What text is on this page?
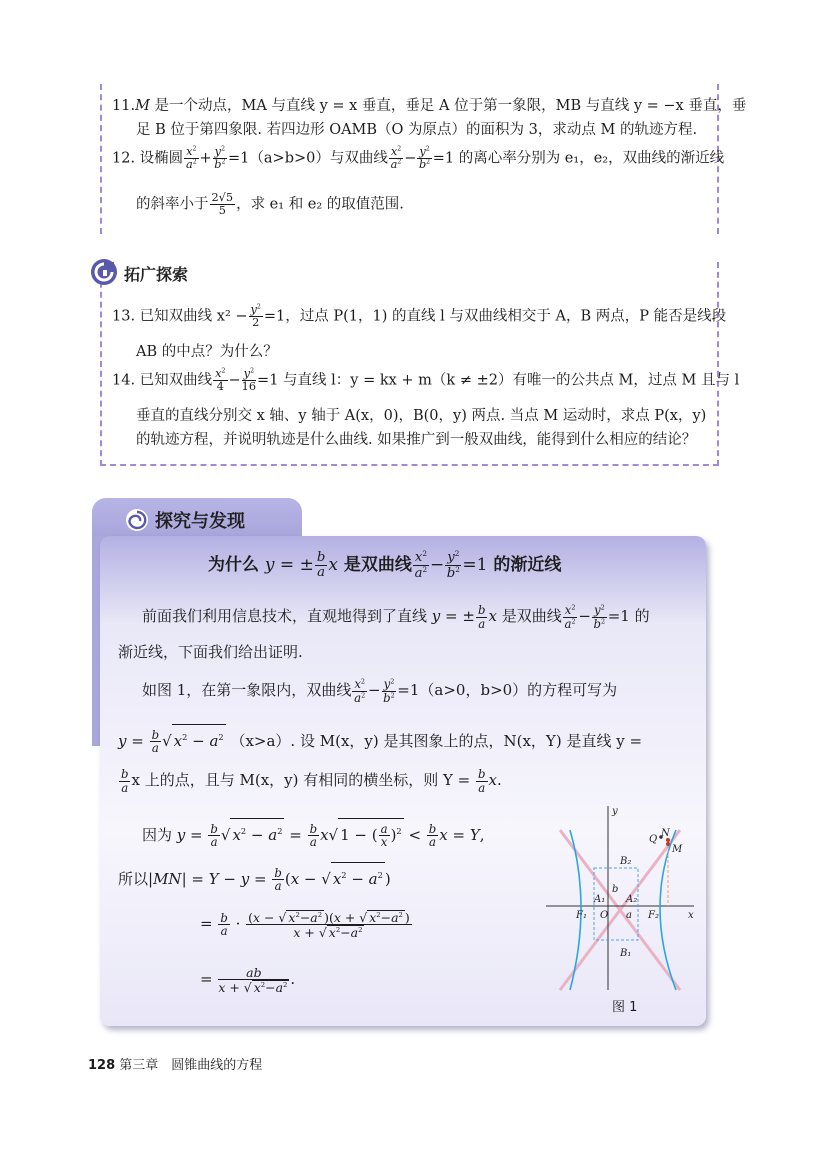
11.M 是一个动点，MA 与直线 y = x 垂直，垂足 A 位于第一象限，MB 与直线 y = −x 垂直，垂
足 B 位于第四象限. 若四边形 OAMB（O 为原点）的面积为 3，求动点 M 的轨迹方程.
12. 设椭圆 $\frac{x^2}{a^2} + \frac{y^2}{b^2} =1(a>b>0)$与双曲线 $\frac{x^2}{a^2} - \frac{y^2}{b^2} =1$ 的离心率分别为 e₁，e₂，双曲线的渐近线
的斜率小于 $\frac{2√5}{5}$ ，求 e₁ 和 e₂ 的取值范围.
拓广探索
13. 已知双曲线 $x^2 - \frac{y^2}{2} =1$，过点 P(1，1) 的直线 l 与双曲线相交于 A，B 两点，P 能否是线段
AB 的中点？为什么？
14. 已知双曲线 $\frac{x^2}{4} - \frac{y^2}{16} =1$ 与直线 l：y = kx + m（k ≠ ±2）有唯一的公共点 M，过点 M 且与 l
垂直的直线分别交 x 轴、y 轴于 A(x，0)，B(0，y) 两点. 当点 M 运动时，求点 P(x，y)
的轨迹方程，并说明轨迹是什么曲线. 如果推广到一般双曲线，能得到什么相应的结论？
探究与发现
为什么 y = ± $\frac{b}{a}$ x 是双曲线 $\frac{x^2}{a^2} - \frac{y^2}{b^2} =1$ 的渐近线
前面我们利用信息技术，直观地得到了直线 y = ± $\frac{b}{a}$ x 是双曲线 $\frac{x^2}{a^2} - \frac{y^2}{b^2} =1$ 的
渐近线，下面我们给出证明.
如图 1，在第一象限内，双曲线 $\frac{x^2}{a^2} - \frac{y^2}{b^2} =1(a>0$，b>0）的方程可写为
$y = \frac{b}{a}$ √ $x^2 - a^2$ （x>a）. 设 M(x，y) 是其图象上的点，N(x，Y) 是直线 y =
$\frac{b}{a}$ x 上的点，且与 M(x，y) 有相同的横坐标，则 $Y = \frac{b}{a} x$.
因为 $y = \frac{b}{a}$ √ $x^2 - a^2 = \frac{b}{a} x√$ 1 − ( $\frac{a}{x} )^2 < \frac{b}{a}$ x = Y,
所以$|MN| = Y - y = \frac{b}{a} (x$ − √ $x^2 - a^2$ )
= $\frac{b}{a} \cdot \frac{(x - √ x^2-a^2 )(x + √ x^2-a^2 )}{x + √ x^2-a^2}$
= $\frac{ab}{x + √ x^2-a^2}$ .
y
x
N
Q
M
B₂
B₁
b
A₁ A₂
O a
F₁	F₂
图 1
128 第三章　圆锥曲线的方程
